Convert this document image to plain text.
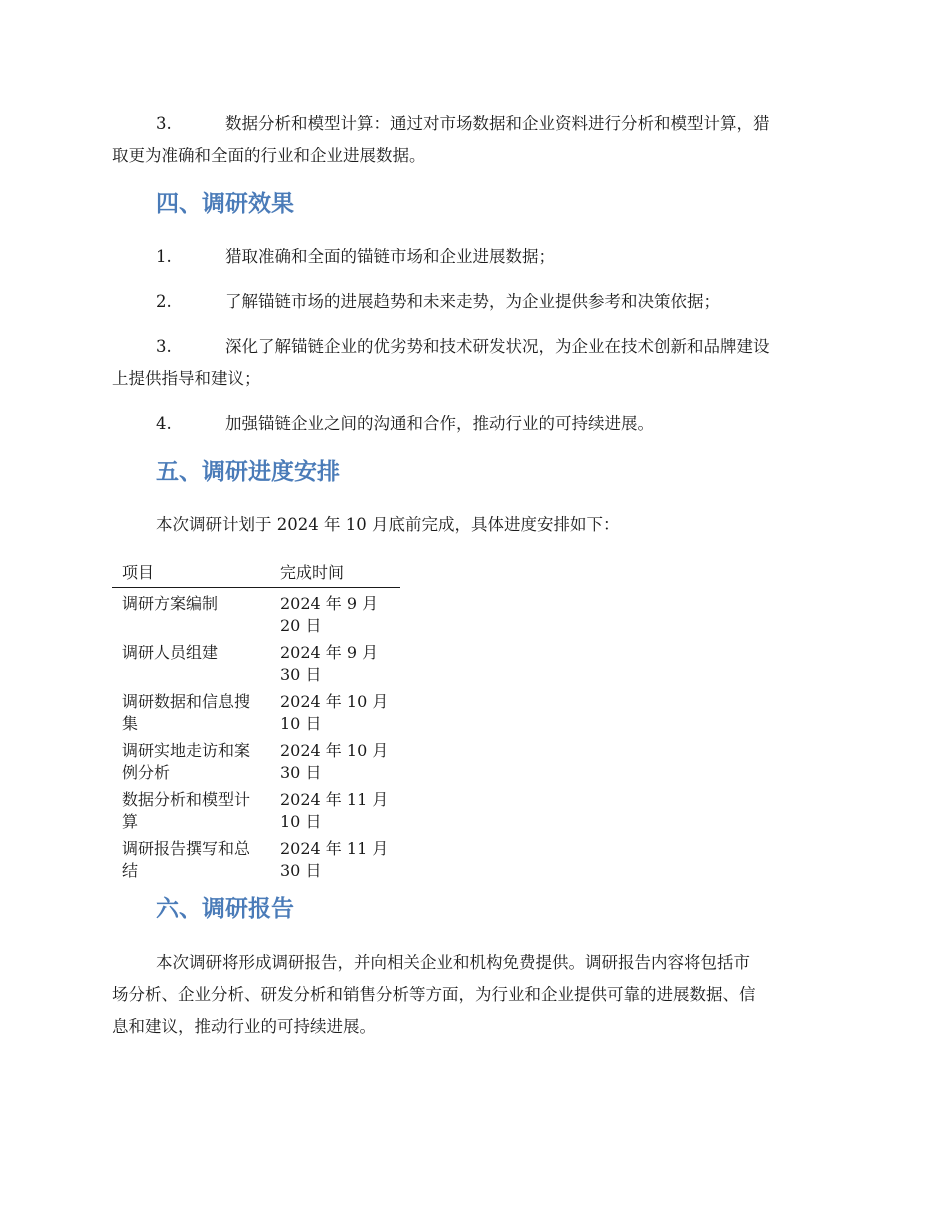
3.	数据分析和模型计算：通过对市场数据和企业资料进行分析和模型计算，猎
取更为准确和全面的行业和企业进展数据。
四、调研效果
1.	猎取准确和全面的锚链市场和企业进展数据；
2.	了解锚链市场的进展趋势和未来走势，为企业提供参考和决策依据；
3.	深化了解锚链企业的优劣势和技术研发状况，为企业在技术创新和品牌建设
上提供指导和建议；
4.	加强锚链企业之间的沟通和合作，推动行业的可持续进展。
五、调研进度安排
本次调研计划于 2024 年 10 月底前完成，具体进度安排如下：
项目	完成时间
调研方案编制	2024 年 9 月 20 日
调研人员组建	2024 年 9 月 30 日
调研数据和信息搜集	2024 年 10 月 10 日
调研实地走访和案例分析	2024 年 10 月 30 日
数据分析和模型计算	2024 年 11 月 10 日
调研报告撰写和总结	2024 年 11 月 30 日
六、调研报告
本次调研将形成调研报告，并向相关企业和机构免费提供。调研报告内容将包括市
场分析、企业分析、研发分析和销售分析等方面，为行业和企业提供可靠的进展数据、信
息和建议，推动行业的可持续进展。
